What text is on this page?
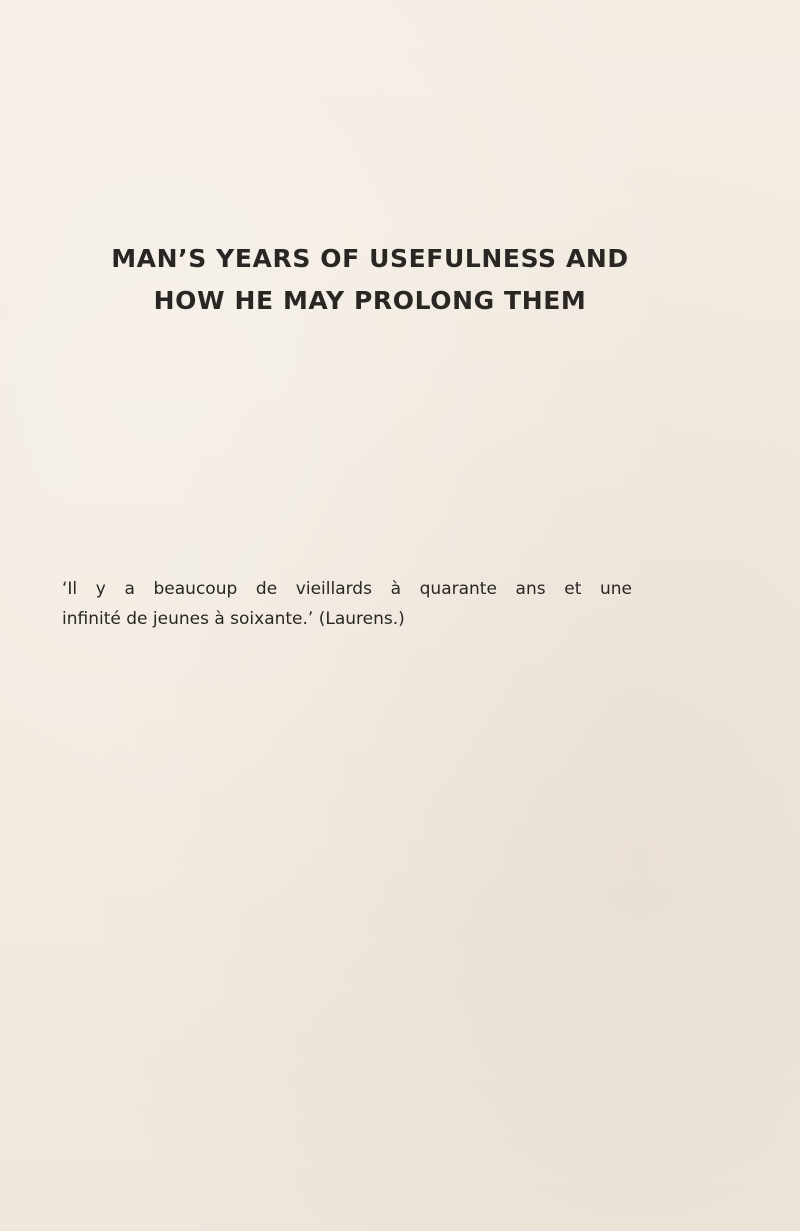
MAN’S YEARS OF USEFULNESS AND
HOW HE MAY PROLONG THEM
‘Il y a beaucoup de vieillards à quarante ans et une
infinité de jeunes à soixante.’ (Laurens.)
